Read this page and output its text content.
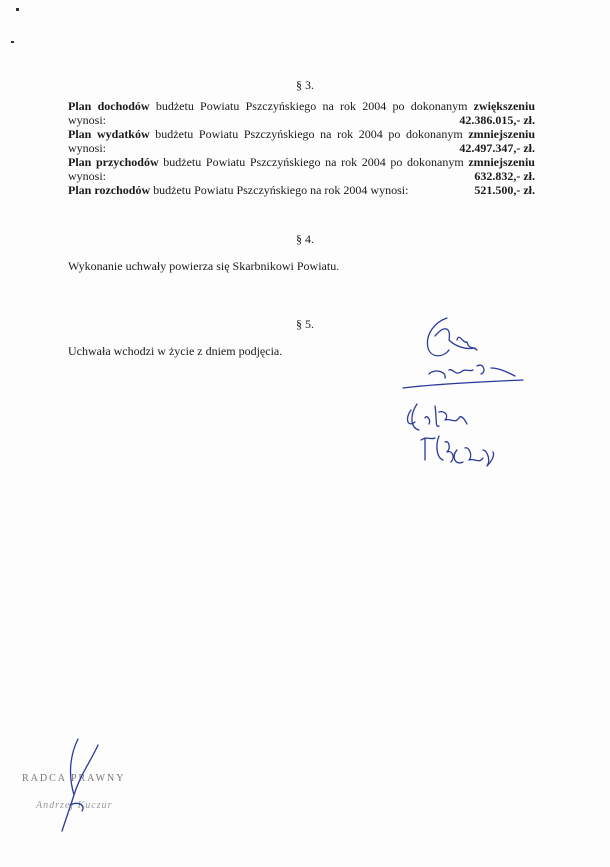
§ 3.
Plan dochodów budżetu Powiatu Pszczyńskiego na rok 2004 po dokonanym zwiększeniu
wynosi:	42.386.015,- zł.
Plan wydatków budżetu Powiatu Pszczyńskiego na rok 2004 po dokonanym zmniejszeniu
wynosi:	42.497.347,- zł.
Plan przychodów budżetu Powiatu Pszczyńskiego na rok 2004 po dokonanym zmniejszeniu
wynosi:	632.832,- zł.
Plan rozchodów budżetu Powiatu Pszczyńskiego na rok 2004 wynosi:	521.500,- zł.
§ 4.
Wykonanie uchwały powierza się Skarbnikowi Powiatu.
§ 5.
Uchwała wchodzi w życie z dniem podjęcia.
RADCA PRAWNY
Andrzej Kuczur
